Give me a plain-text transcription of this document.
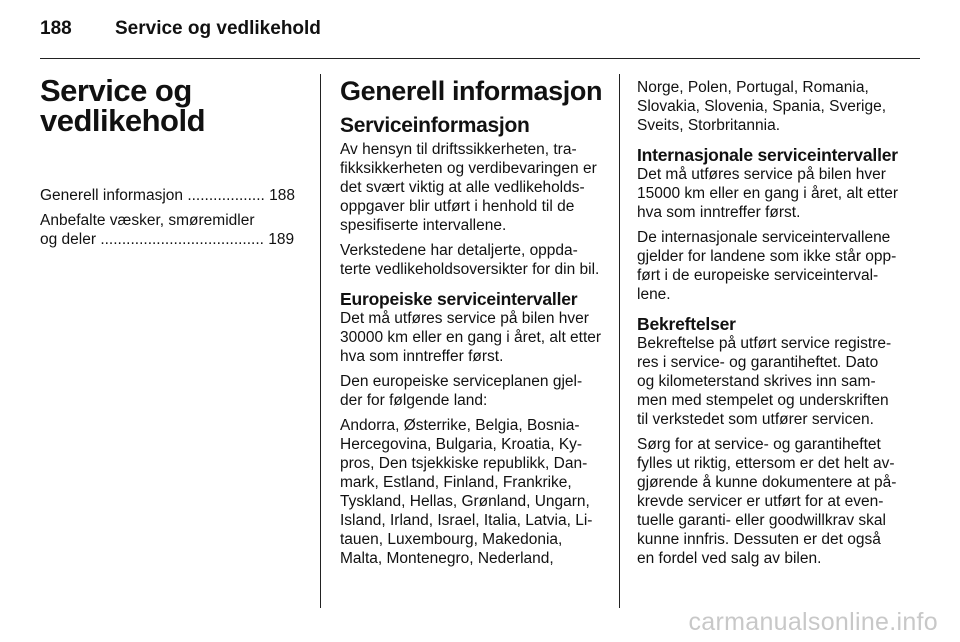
188 Service og vedlikehold
Service og
vedlikehold
Generell informasjon .................. 188
Anbefalte væsker, smøremidler
og deler ...................................... 189
Generell informasjon
Serviceinformasjon

Av hensyn til driftssikkerheten, tra-
fikksikkerheten og verdibevaringen er
det svært viktig at alle vedlikeholds-
oppgaver blir utført i henhold til de
spesifiserte intervallene.

Verkstedene har detaljerte, oppda-
terte vedlikeholdsoversikter for din bil.

Europeiske serviceintervaller

Det må utføres service på bilen hver
30000 km eller en gang i året, alt etter
hva som inntreffer først.

Den europeiske serviceplanen gjel-
der for følgende land:

Andorra, Østerrike, Belgia, Bosnia-
Hercegovina, Bulgaria, Kroatia, Ky-
pros, Den tsjekkiske republikk, Dan-
mark, Estland, Finland, Frankrike,
Tyskland, Hellas, Grønland, Ungarn,
Island, Irland, Israel, Italia, Latvia, Li-
tauen, Luxembourg, Makedonia,
Malta, Montenegro, Nederland,

Norge, Polen, Portugal, Romania,
Slovakia, Slovenia, Spania, Sverige,
Sveits, Storbritannia.

Internasjonale serviceintervaller

Det må utføres service på bilen hver
15000 km eller en gang i året, alt etter
hva som inntreffer først.

De internasjonale serviceintervallene
gjelder for landene som ikke står opp-
ført i de europeiske serviceinterval-
lene.

Bekreftelser

Bekreftelse på utført service registre-
res i service- og garantiheftet. Dato
og kilometerstand skrives inn sam-
men med stempelet og underskriften
til verkstedet som utfører servicen.

Sørg for at service- og garantiheftet
fylles ut riktig, ettersom er det helt av-
gjørende å kunne dokumentere at på-
krevde servicer er utført for at even-
tuelle garanti- eller goodwillkrav skal
kunne innfris. Dessuten er det også
en fordel ved salg av bilen.

carmanualsonline.info
